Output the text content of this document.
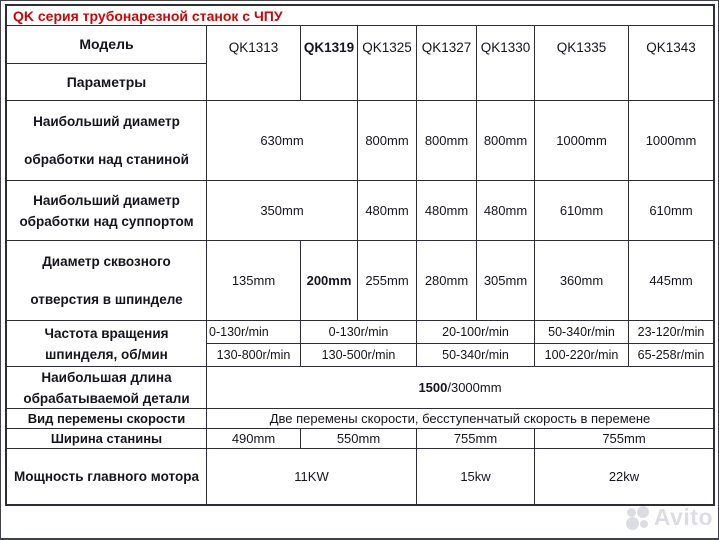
QK серия трубонарезной станок с ЧПУ
Модель
Параметры
QK1313	QK1319 QK1325 QK1327 QK1330	QK1335	QK1343
Наибольший диаметр
обработки над станиной
630mm	800mm	800mm	800mm	1000mm	1000mm
Наибольший диаметр
обработки над суппортом
350mm	480mm	480mm	480mm	610mm	610mm
Диаметр сквозного
отверстия в шпинделе
135mm	200mm	255mm	280mm	305mm	360mm	445mm
Частота вращения
шпинделя, об/мин
0-130r/min	0-130r/min	20-100r/min	50-340r/min	23-120r/min
130-800r/min	130-500r/min	50-340r/min	100-220r/min	65-258r/min
Наибольшая длина
обрабатываемой детали
1500 /3000mm
Вид перемены скорости	Две перемены скорости, бесступенчатый скорость в перемене
Ширина станины	490mm	550mm	755mm	755mm
Мощность главного мотора	11KW	15kw	22kw
Avito
